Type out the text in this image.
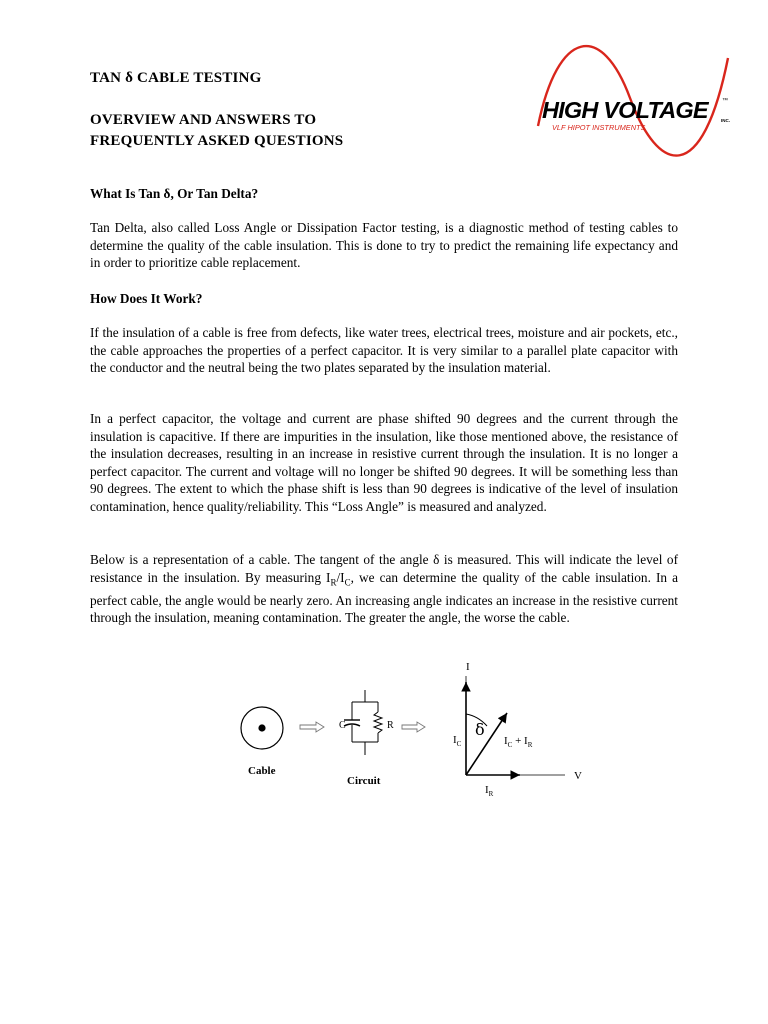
TAN δ CABLE TESTING
OVERVIEW AND ANSWERS TO
FREQUENTLY ASKED QUESTIONS
HIGH VOLTAGE	™
INC.
VLF HIPOT INSTRUMENTS
What Is Tan δ, Or Tan Delta?

Tan Delta, also called Loss Angle or Dissipation Factor testing, is a diagnostic method of testing cables to determine the quality of the cable insulation. This is done to try to predict the remaining life expectancy and in order to prioritize cable replacement.

How Does It Work?

If the insulation of a cable is free from defects, like water trees, electrical trees, moisture and air pockets, etc., the cable approaches the properties of a perfect capacitor. It is very similar to a parallel plate capacitor with the conductor and the neutral being the two plates separated by the insulation material.

In a perfect capacitor, the voltage and current are phase shifted 90 degrees and the current through the insulation is capacitive. If there are impurities in the insulation, like those mentioned above, the resistance of the insulation decreases, resulting in an increase in resistive current through the insulation. It is no longer a perfect capacitor. The current and voltage will no longer be shifted 90 degrees. It will be something less than 90 degrees. The extent to which the phase shift is less than 90 degrees is indicative of the level of insulation contamination, hence quality/reliability. This “Loss Angle” is measured and analyzed.

Below is a representation of a cable. The tangent of the angle δ is measured. This will indicate the level of resistance in the insulation. By measuring $I_R/I_C$, we can determine the quality of the cable insulation. In a perfect cable, the angle would be nearly zero. An increasing angle indicates an increase in the resistive current through the insulation, meaning contamination. The greater the angle, the worse the cable.

Cable
C	R
Circuit
I
V
δ
$I_C$
$I_R$
$I_C + I_R$
